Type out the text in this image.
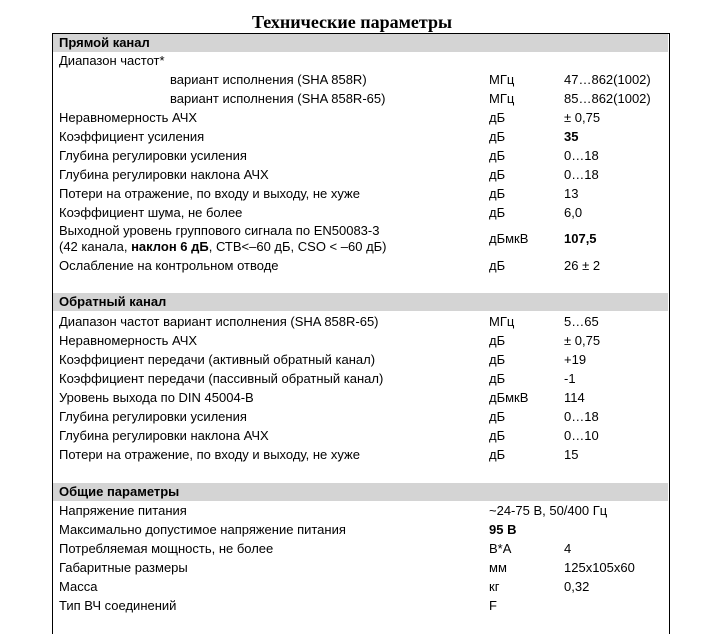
Технические параметры
Прямой канал
Диапазон частот*
вариант исполнения (SHA 858R)	МГц	47…862(1002)
вариант исполнения (SHA 858R-65)	МГц	85…862(1002)
Неравномерность АЧХ	дБ	± 0,75
Коэффициент усиления	дБ	35
Глубина регулировки усиления	дБ	0…18
Глубина регулировки наклона АЧХ	дБ	0…18
Потери на отражение, по входу и выходу, не хуже	дБ	13
Коэффициент шума, не более	дБ	6,0
Выходной уровень группового сигнала по EN50083-3
(42 канала, наклон 6 дБ, СТВ<–60 дБ, CSO < –60 дБ)
дБмкВ	107,5
Ослабление на контрольном отводе	дБ	26 ± 2
Обратный канал
Диапазон частот вариант исполнения (SHA 858R-65)	МГц	5…65
Неравномерность АЧХ	дБ	± 0,75
Коэффициент передачи (активный обратный канал)	дБ	+19
Коэффициент передачи (пассивный обратный канал)	дБ	-1
Уровень выхода по DIN 45004-B	дБмкВ	114
Глубина регулировки усиления	дБ	0…18
Глубина регулировки наклона АЧХ	дБ	0…10
Потери на отражение, по входу и выходу, не хуже	дБ	15
Общие параметры
Напряжение питания	~24-75 В, 50/400 Гц
Максимально допустимое напряжение питания	95 В
Потребляемая мощность, не более	В*А	4
Габаритные размеры	мм	125x105x60
Масса	кг	0,32
Тип ВЧ соединений	F
